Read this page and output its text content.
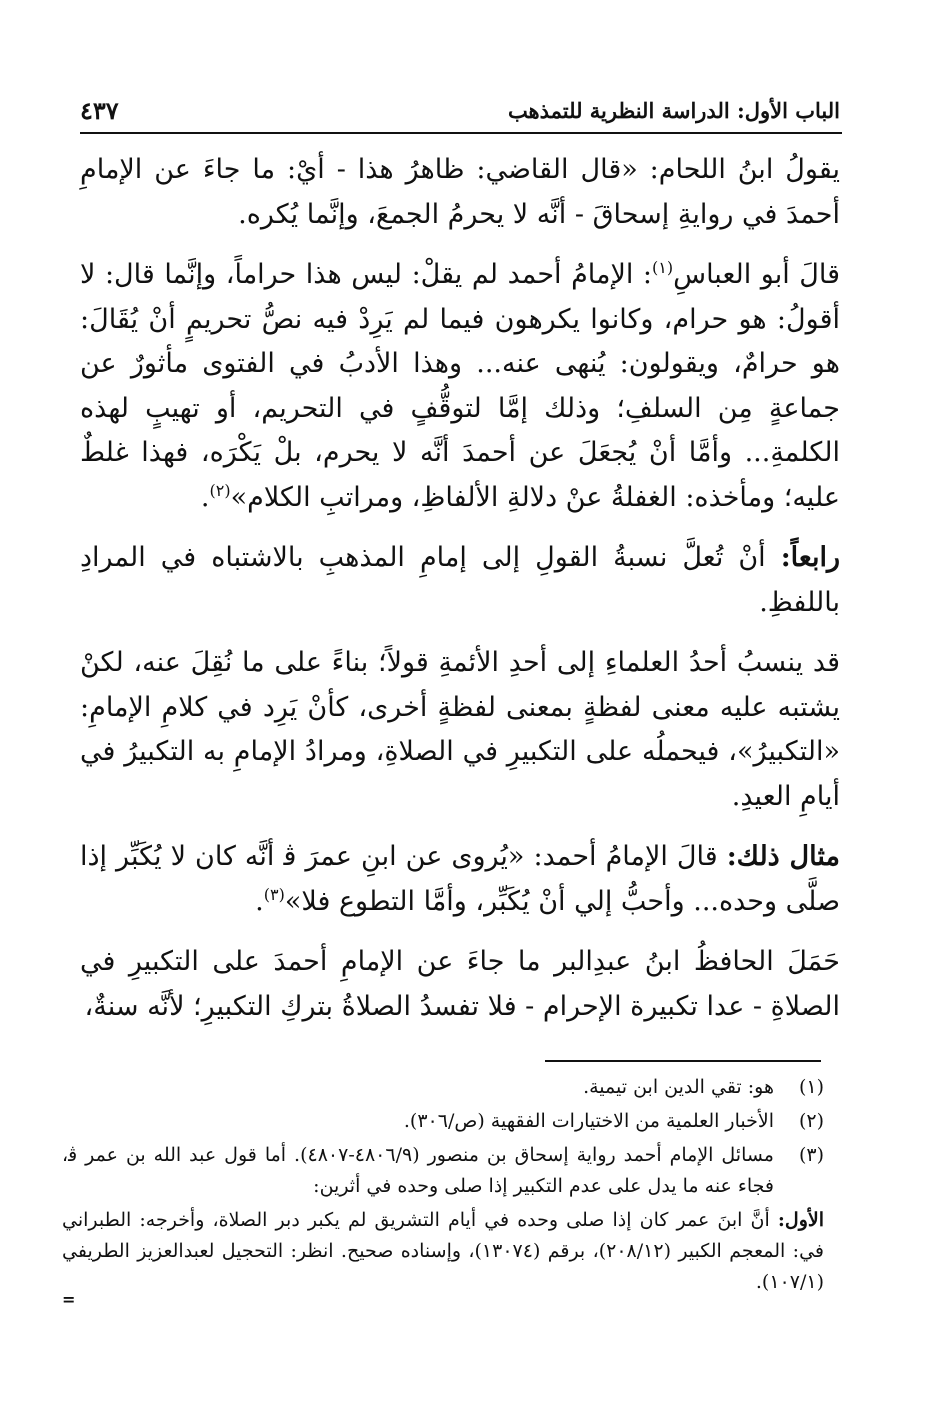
الباب الأول: الدراسة النظرية للتمذهب
٤٣٧

يقولُ ابنُ اللحام: «قال القاضي: ظاهرُ هذا - أيْ: ما جاءَ عن الإمامِ أحمدَ في روايةِ إسحاقَ - أنَّه لا يحرمُ الجمعَ، وإنَّما يُكره.

قالَ أبو العباسِ$^{(١)}$: الإمامُ أحمد لم يقلْ: ليس هذا حراماً، وإنَّما قال: لا أقولُ: هو حرام، وكانوا يكرهون فيما لم يَرِدْ فيه نصُّ تحريمٍ أنْ يُقَالَ: هو حرامٌ، ويقولون: يُنهى عنه... وهذا الأدبُ في الفتوى مأثورٌ عن جماعةٍ مِن السلفِ؛ وذلك إمَّا لتوقُّفٍ في التحريم، أو تهيبٍ لهذه الكلمةِ... وأمَّا أنْ يُجعَلَ عن أحمدَ أنَّه لا يحرم، بلْ يَكْرَه، فهذا غلطٌ عليه؛ ومأخذه: الغفلةُ عنْ دلالةِ الألفاظِ، ومراتبِ الكلام»$^{(٢)}$.

رابعاً: أنْ تُعلَّ نسبةُ القولِ إلى إمامِ المذهبِ بالاشتباه في المرادِ باللفظِ.

قد ينسبُ أحدُ العلماءِ إلى أحدِ الأئمةِ قولاً؛ بناءً على ما نُقِلَ عنه، لكنْ يشتبه عليه معنى لفظةٍ بمعنى لفظةٍ أخرى، كأنْ يَرِد في كلامِ الإمامِ: «التكبيرُ»، فيحملُه على التكبيرِ في الصلاةِ، ومرادُ الإمامِ به التكبيرُ في أيامِ العيدِ.

مثال ذلك: قالَ الإمامُ أحمد: «يُروى عن ابنِ عمرَ ﭬ أنَّه كان لا يُكَبِّر إذا صلَّى وحده... وأحبُّ إلي أنْ يُكَبِّر، وأمَّا التطوع فلا»$^{(٣)}$.

حَمَلَ الحافظُ ابنُ عبدِالبر ما جاءَ عن الإمامِ أحمدَ على التكبيرِ في الصلاةِ - عدا تكبيرة الإحرام - فلا تفسدُ الصلاةُ بتركِ التكبيرِ؛ لأنَّه سنةٌ،

(١)
هو: تقي الدين ابن تيمية.
(٢)
الأخبار العلمية من الاختيارات الفقهية (ص/٣٠٦).
(٣)
مسائل الإمام أحمد رواية إسحاق بن منصور (٤٨٠٦/٩-٤٨٠٧). أما قول عبد الله بن عمر ﭬ، فجاء عنه ما يدل على عدم التكبير إذا صلى وحده في أثرين:

الأول: أنَّ ابنَ عمر كان إذا صلى وحده في أيام التشريق لم يكبر دبر الصلاة، وأخرجه: الطبراني في: المعجم الكبير (٢٠٨/١٢)، برقم (١٣٠٧٤)، وإسناده صحيح. انظر: التحجيل لعبدالعزيز الطريفي (١٠٧/١).

=
